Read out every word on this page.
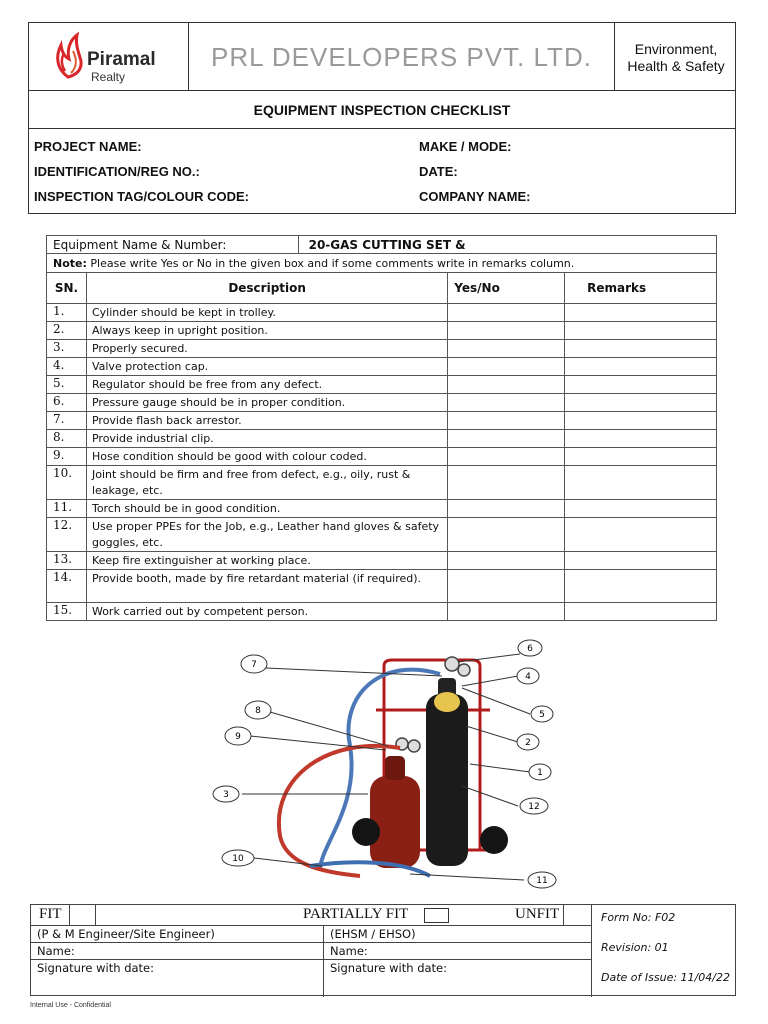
Piramal
Realty
PRL DEVELOPERS PVT. LTD.	Environment,
Health & Safety
EQUIPMENT INSPECTION CHECKLIST
PROJECT NAME:	MAKE / MODE:
IDENTIFICATION/REG NO.:	DATE:
INSPECTION TAG/COLOUR CODE:	COMPANY NAME:
Equipment Name & Number:		20-GAS CUTTING SET &		
Note: Please write Yes or No in the given box and if some comments write in remarks column.				
SN.	Description		Yes/No	Remarks
1.	Cylinder should be kept in trolley.			
2.	Always keep in upright position.			
3.	Properly secured.			
4.	Valve protection cap.			
5.	Regulator should be free from any defect.			
6.	Pressure gauge should be in proper condition.			
7.	Provide flash back arrestor.			
8.	Provide industrial clip.			
9.	Hose condition should be good with colour coded.			
10.	Joint should be firm and free from defect, e.g., oily, rust & leakage, etc.			
11.	Torch should be in good condition.			
12.	Use proper PPEs for the Job, e.g., Leather hand gloves & safety goggles, etc.			
13.	Keep fire extinguisher at working place.			
14.	Provide booth, made by fire retardant material (if required).			
15.	Work carried out by competent person.			
1
2
3
4
5
6
7
8
9
10
11
12
FIT	PARTIALLY FIT	UNFIT
(P & M Engineer/Site Engineer)
Name:
Signature with date:
(EHSM / EHSO)
Name:
Signature with date:
Form No: F02
Revision: 01
Date of Issue: 11/04/22
Internal Use - Confidential
